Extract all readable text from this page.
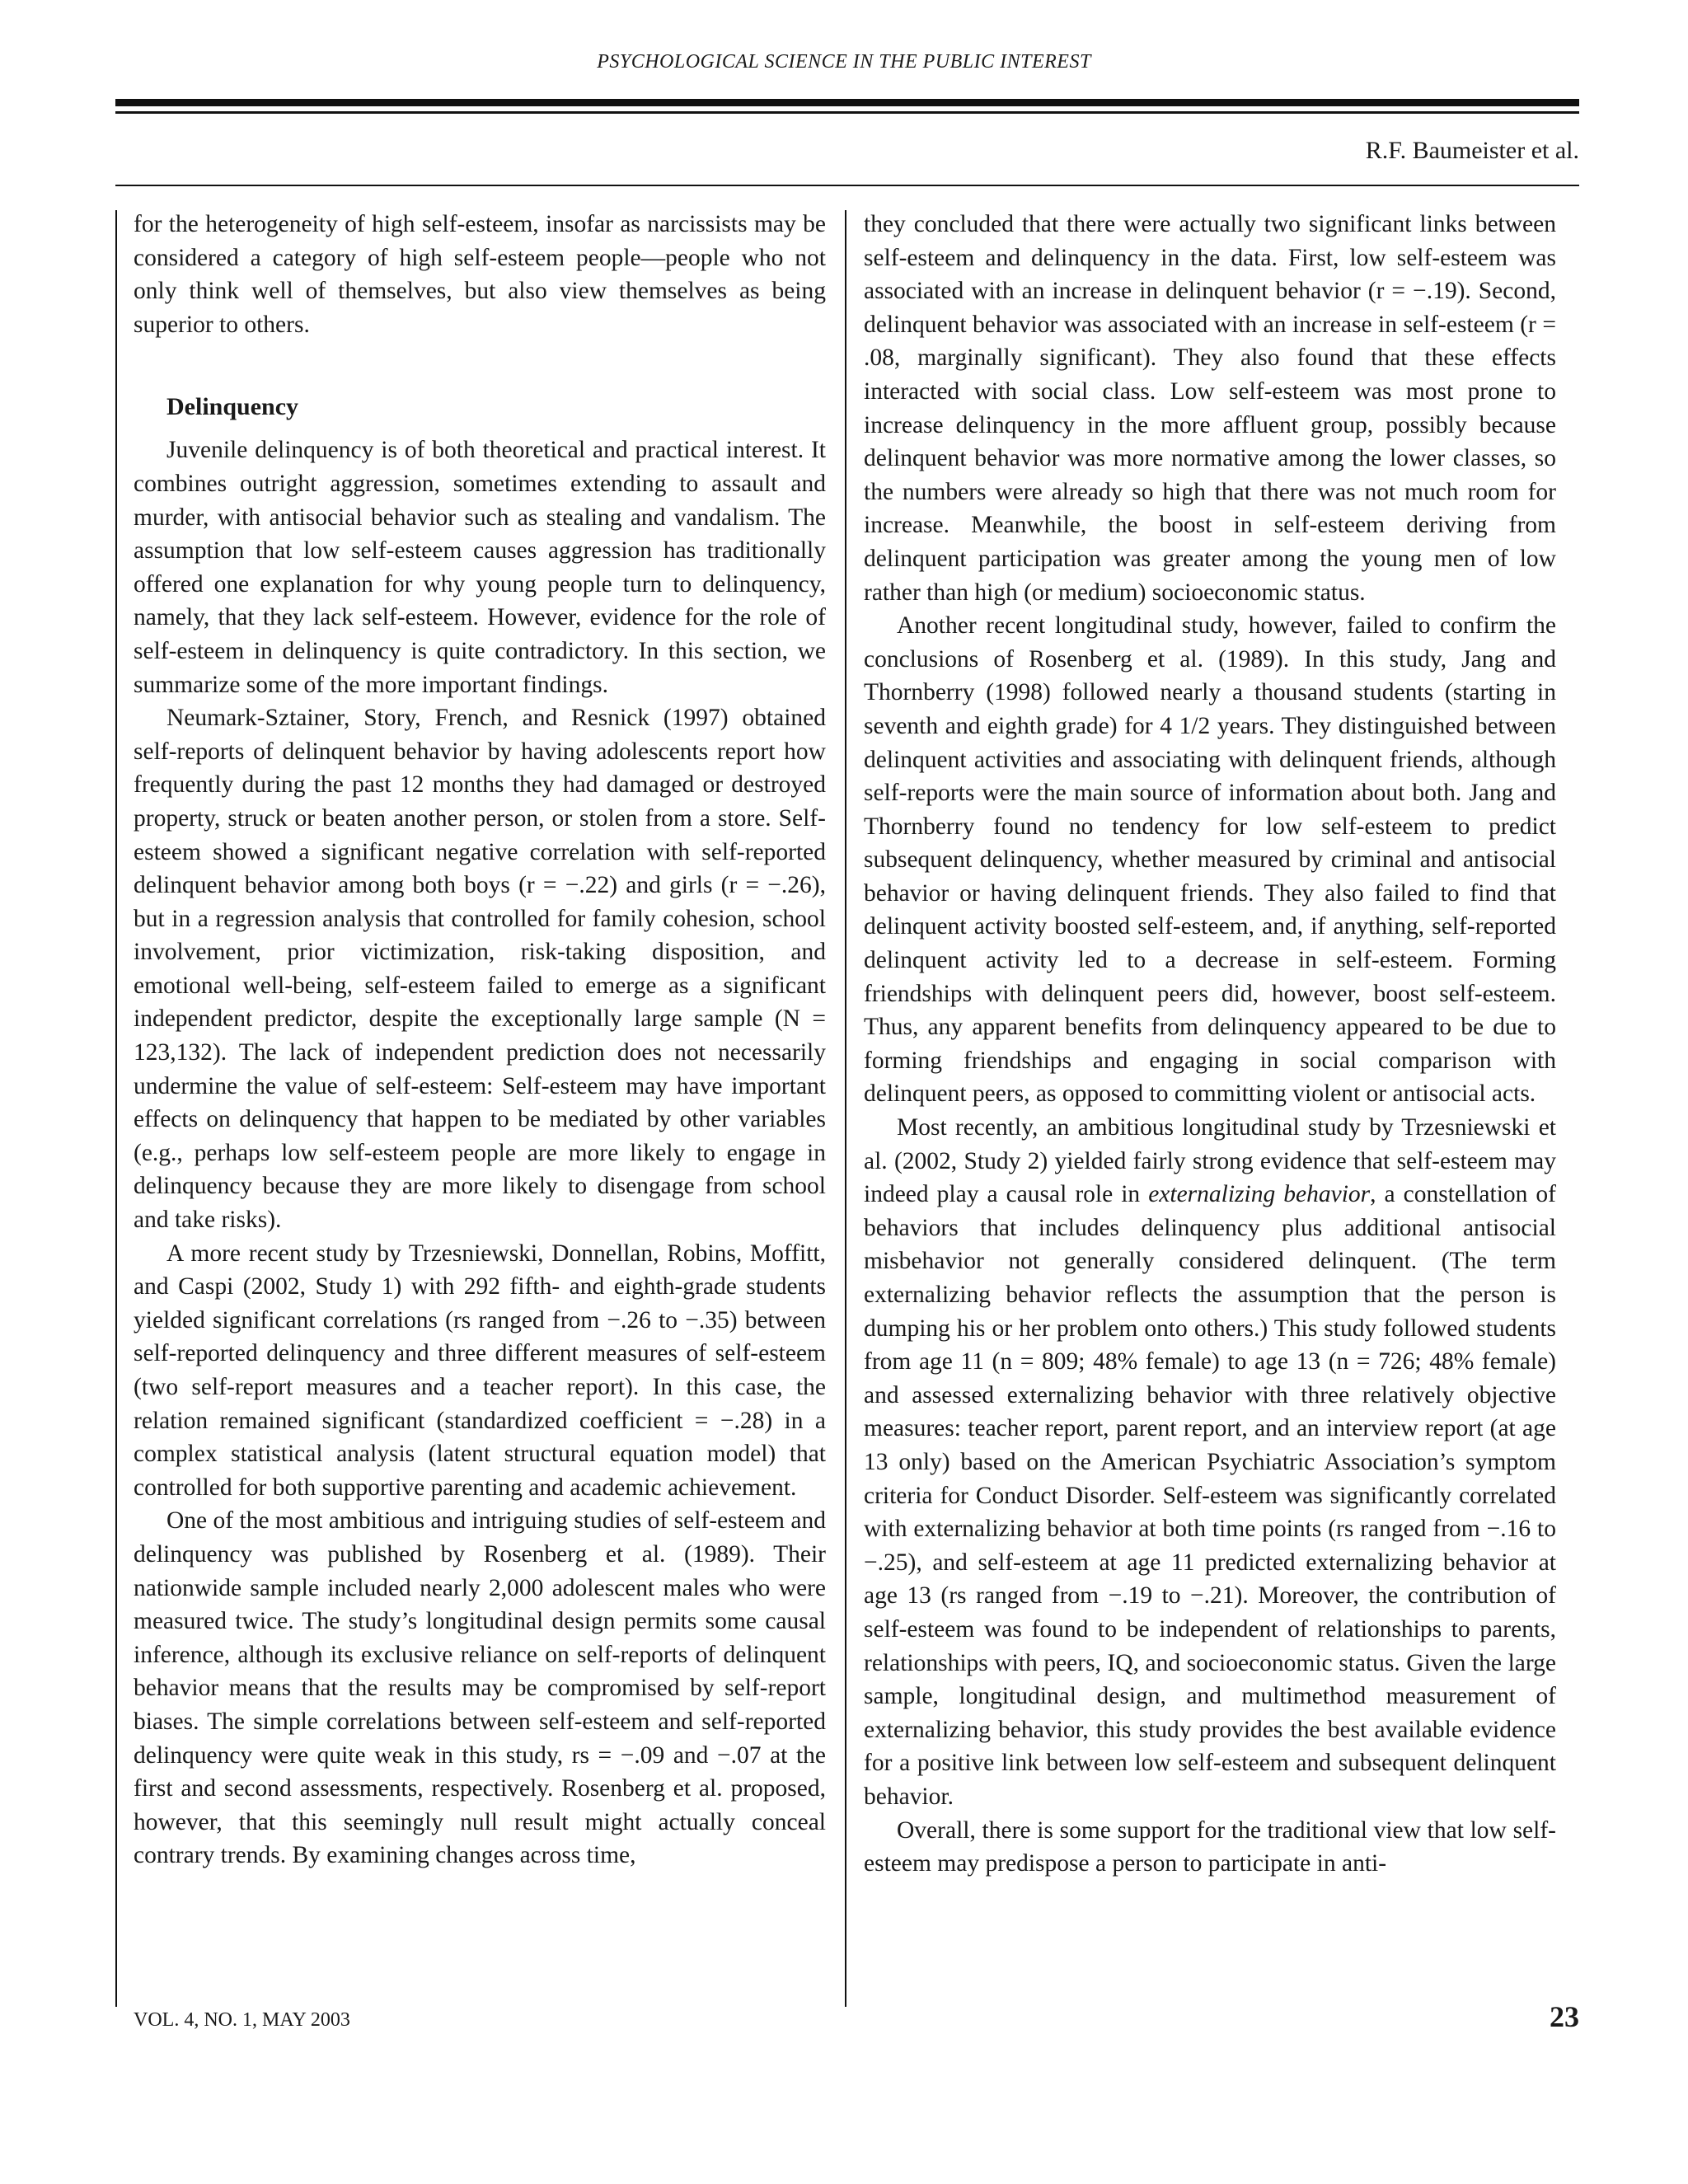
PSYCHOLOGICAL SCIENCE IN THE PUBLIC INTEREST

R.F. Baumeister et al.

for the heterogeneity of high self-esteem, insofar as narcissists may be considered a category of high self-esteem people—people who not only think well of themselves, but also view themselves as being superior to others.

Delinquency

Juvenile delinquency is of both theoretical and practical interest. It combines outright aggression, sometimes extending to assault and murder, with antisocial behavior such as stealing and vandalism. The assumption that low self-esteem causes aggression has traditionally offered one explanation for why young people turn to delinquency, namely, that they lack self-esteem. However, evidence for the role of self-esteem in delinquency is quite contradictory. In this section, we summarize some of the more important findings.

Neumark-Sztainer, Story, French, and Resnick (1997) obtained self-reports of delinquent behavior by having adolescents report how frequently during the past 12 months they had damaged or destroyed property, struck or beaten another person, or stolen from a store. Self-esteem showed a significant negative correlation with self-reported delinquent behavior among both boys (r = −.22) and girls (r = −.26), but in a regression analysis that controlled for family cohesion, school involvement, prior victimization, risk-taking disposition, and emotional well-being, self-esteem failed to emerge as a significant independent predictor, despite the exceptionally large sample (N = 123,132). The lack of independent prediction does not necessarily undermine the value of self-esteem: Self-esteem may have important effects on delinquency that happen to be mediated by other variables (e.g., perhaps low self-esteem people are more likely to engage in delinquency because they are more likely to disengage from school and take risks).

A more recent study by Trzesniewski, Donnellan, Robins, Moffitt, and Caspi (2002, Study 1) with 292 fifth- and eighth-grade students yielded significant correlations (rs ranged from −.26 to −.35) between self-reported delinquency and three different measures of self-esteem (two self-report measures and a teacher report). In this case, the relation remained significant (standardized coefficient = −.28) in a complex statistical analysis (latent structural equation model) that controlled for both supportive parenting and academic achievement.

One of the most ambitious and intriguing studies of self-esteem and delinquency was published by Rosenberg et al. (1989). Their nationwide sample included nearly 2,000 adolescent males who were measured twice. The study’s longitudinal design permits some causal inference, although its exclusive reliance on self-reports of delinquent behavior means that the results may be compromised by self-report biases. The simple correlations between self-esteem and self-reported delinquency were quite weak in this study, rs = −.09 and −.07 at the first and second assessments, respectively. Rosenberg et al. proposed, however, that this seemingly null result might actually conceal contrary trends. By examining changes across time,

they concluded that there were actually two significant links between self-esteem and delinquency in the data. First, low self-esteem was associated with an increase in delinquent behavior (r = −.19). Second, delinquent behavior was associated with an increase in self-esteem (r = .08, marginally significant). They also found that these effects interacted with social class. Low self-esteem was most prone to increase delinquency in the more affluent group, possibly because delinquent behavior was more normative among the lower classes, so the numbers were already so high that there was not much room for increase. Meanwhile, the boost in self-esteem deriving from delinquent participation was greater among the young men of low rather than high (or medium) socioeconomic status.

Another recent longitudinal study, however, failed to confirm the conclusions of Rosenberg et al. (1989). In this study, Jang and Thornberry (1998) followed nearly a thousand students (starting in seventh and eighth grade) for 4 1/2 years. They distinguished between delinquent activities and associating with delinquent friends, although self-reports were the main source of information about both. Jang and Thornberry found no tendency for low self-esteem to predict subsequent delinquency, whether measured by criminal and antisocial behavior or having delinquent friends. They also failed to find that delinquent activity boosted self-esteem, and, if anything, self-reported delinquent activity led to a decrease in self-esteem. Forming friendships with delinquent peers did, however, boost self-esteem. Thus, any apparent benefits from delinquency appeared to be due to forming friendships and engaging in social comparison with delinquent peers, as opposed to committing violent or antisocial acts.

Most recently, an ambitious longitudinal study by Trzesniewski et al. (2002, Study 2) yielded fairly strong evidence that self-esteem may indeed play a causal role in externalizing behavior, a constellation of behaviors that includes delinquency plus additional antisocial misbehavior not generally considered delinquent. (The term externalizing behavior reflects the assumption that the person is dumping his or her problem onto others.) This study followed students from age 11 (n = 809; 48% female) to age 13 (n = 726; 48% female) and assessed externalizing behavior with three relatively objective measures: teacher report, parent report, and an interview report (at age 13 only) based on the American Psychiatric Association’s symptom criteria for Conduct Disorder. Self-esteem was significantly correlated with externalizing behavior at both time points (rs ranged from −.16 to −.25), and self-esteem at age 11 predicted externalizing behavior at age 13 (rs ranged from −.19 to −.21). Moreover, the contribution of self-esteem was found to be independent of relationships to parents, relationships with peers, IQ, and socioeconomic status. Given the large sample, longitudinal design, and multimethod measurement of externalizing behavior, this study provides the best available evidence for a positive link between low self-esteem and subsequent delinquent behavior.

Overall, there is some support for the traditional view that low self-esteem may predispose a person to participate in anti-

VOL. 4, NO. 1, MAY 2003	23
